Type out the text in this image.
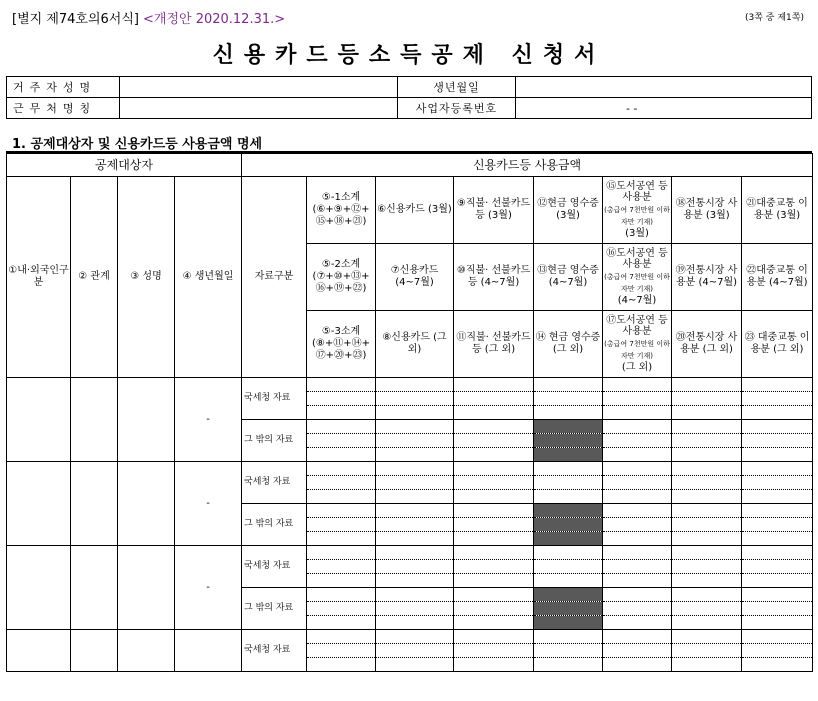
[별지 제74호의6서식] <개정안 2020.12.31.>	(3쪽 중 제1쪽)
신용카드등소득공제 신청서
거주자성명		생년월일	
근무처명칭		사업자등록번호	- -
1. 공제대상자 및 신용카드등 사용금액 명세
공제대상자				신용카드등 사용금액							
①내·외국인구분	② 관계	③ 성명	④ 생년월일	자료구분	⑤-1소계 (⑥+⑨+⑫+ ⑮+⑱+㉑)	⑥신용카드 (3월)	⑨직불· 선불카드등 (3월)	⑫현금 영수증 (3월)	⑮도서공연 등 사용분
(총급여 7천만원 이하자만 기재)
(3월)	⑱전통시장 사용분 (3월)	㉑대중교통 이용분 (3월)
					⑤-2소계 (⑦+⑩+⑬+ ⑯+⑲+㉒)	⑦신용카드 (4~7월)	⑩직불· 선불카드등 (4~7월)	⑬현금 영수증 (4~7월)	⑯도서공연 등 사용분
(총급여 7천만원 이하자만 기재)
(4~7월)	⑲전통시장 사용분 (4~7월)	㉒대중교통 이용분 (4~7월)
					⑤-3소계 (⑧+⑪+⑭+ ⑰+⑳+㉓)	⑧신용카드 (그 외)	⑪직불· 선불카드등 (그 외)	⑭ 현금 영수증 (그 외)	⑰도서공연 등 사용분
(총급여 7천만원 이하자만 기재)
(그 외)	⑳전통시장 사용분 (그 외)	㉓ 대중교통 이용분 (그 외)
			-	국세청 자료							

				그 밖의 자료							

			-	국세청 자료							

				그 밖의 자료							

			-	국세청 자료							

				그 밖의 자료							

				국세청 자료							
